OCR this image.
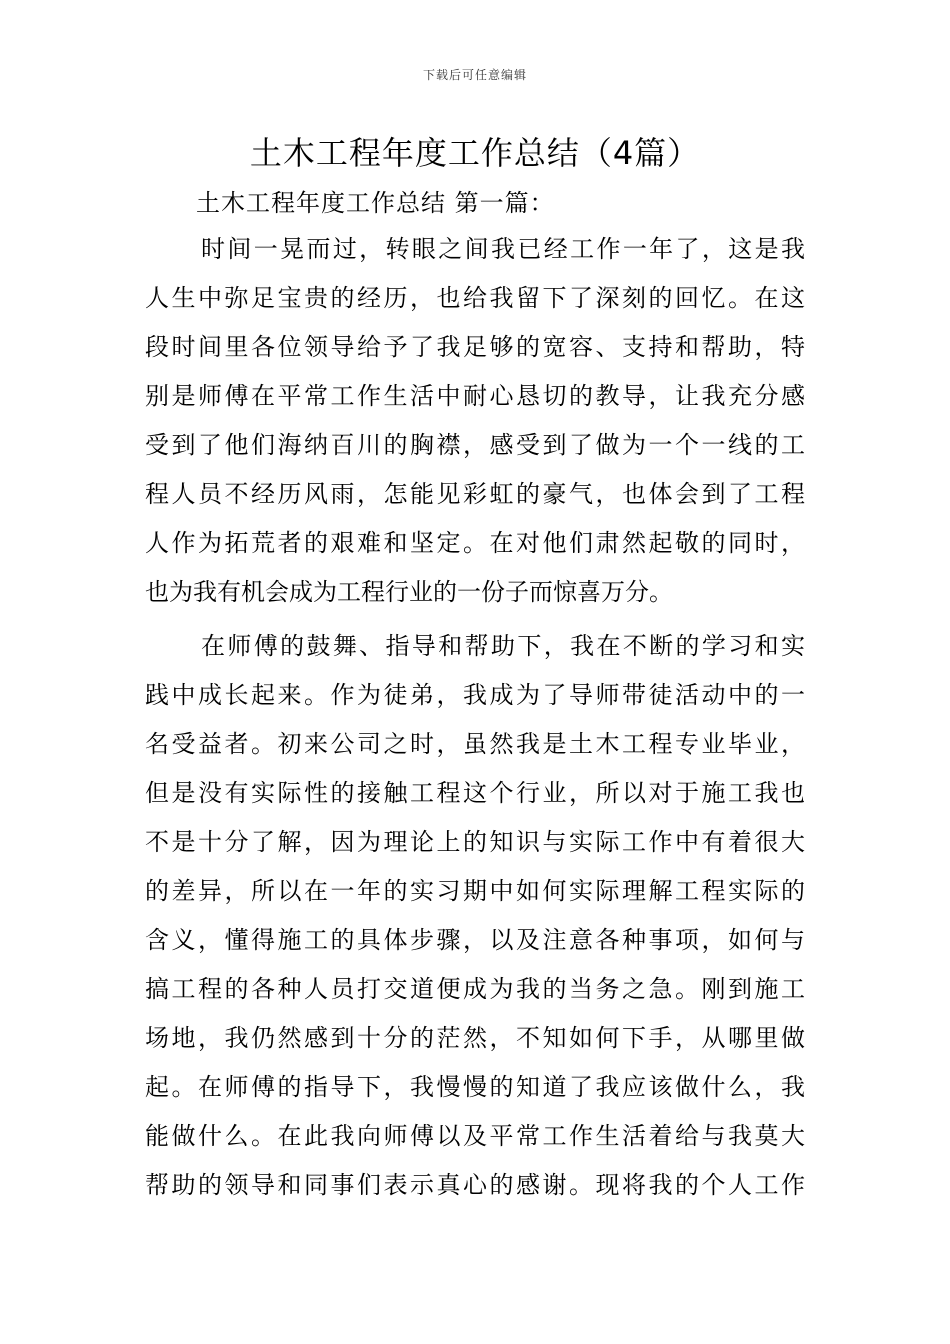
下载后可任意编辑
土木工程年度工作总结（4篇）
土木工程年度工作总结 第一篇：
时间一晃而过，转眼之间我已经工作一年了，这是我
人生中弥足宝贵的经历，也给我留下了深刻的回忆。在这
段时间里各位领导给予了我足够的宽容、支持和帮助，特
别是师傅在平常工作生活中耐心恳切的教导，让我充分感
受到了他们海纳百川的胸襟，感受到了做为一个一线的工
程人员不经历风雨，怎能见彩虹的豪气，也体会到了工程
人作为拓荒者的艰难和坚定。在对他们肃然起敬的同时，
也为我有机会成为工程行业的一份子而惊喜万分。
在师傅的鼓舞、指导和帮助下，我在不断的学习和实
践中成长起来。作为徒弟，我成为了导师带徒活动中的一
名受益者。初来公司之时，虽然我是土木工程专业毕业，
但是没有实际性的接触工程这个行业，所以对于施工我也
不是十分了解，因为理论上的知识与实际工作中有着很大
的差异，所以在一年的实习期中如何实际理解工程实际的
含义，懂得施工的具体步骤，以及注意各种事项，如何与
搞工程的各种人员打交道便成为我的当务之急。刚到施工
场地，我仍然感到十分的茫然，不知如何下手，从哪里做
起。在师傅的指导下，我慢慢的知道了我应该做什么，我
能做什么。在此我向师傅以及平常工作生活着给与我莫大
帮助的领导和同事们表示真心的感谢。现将我的个人工作
